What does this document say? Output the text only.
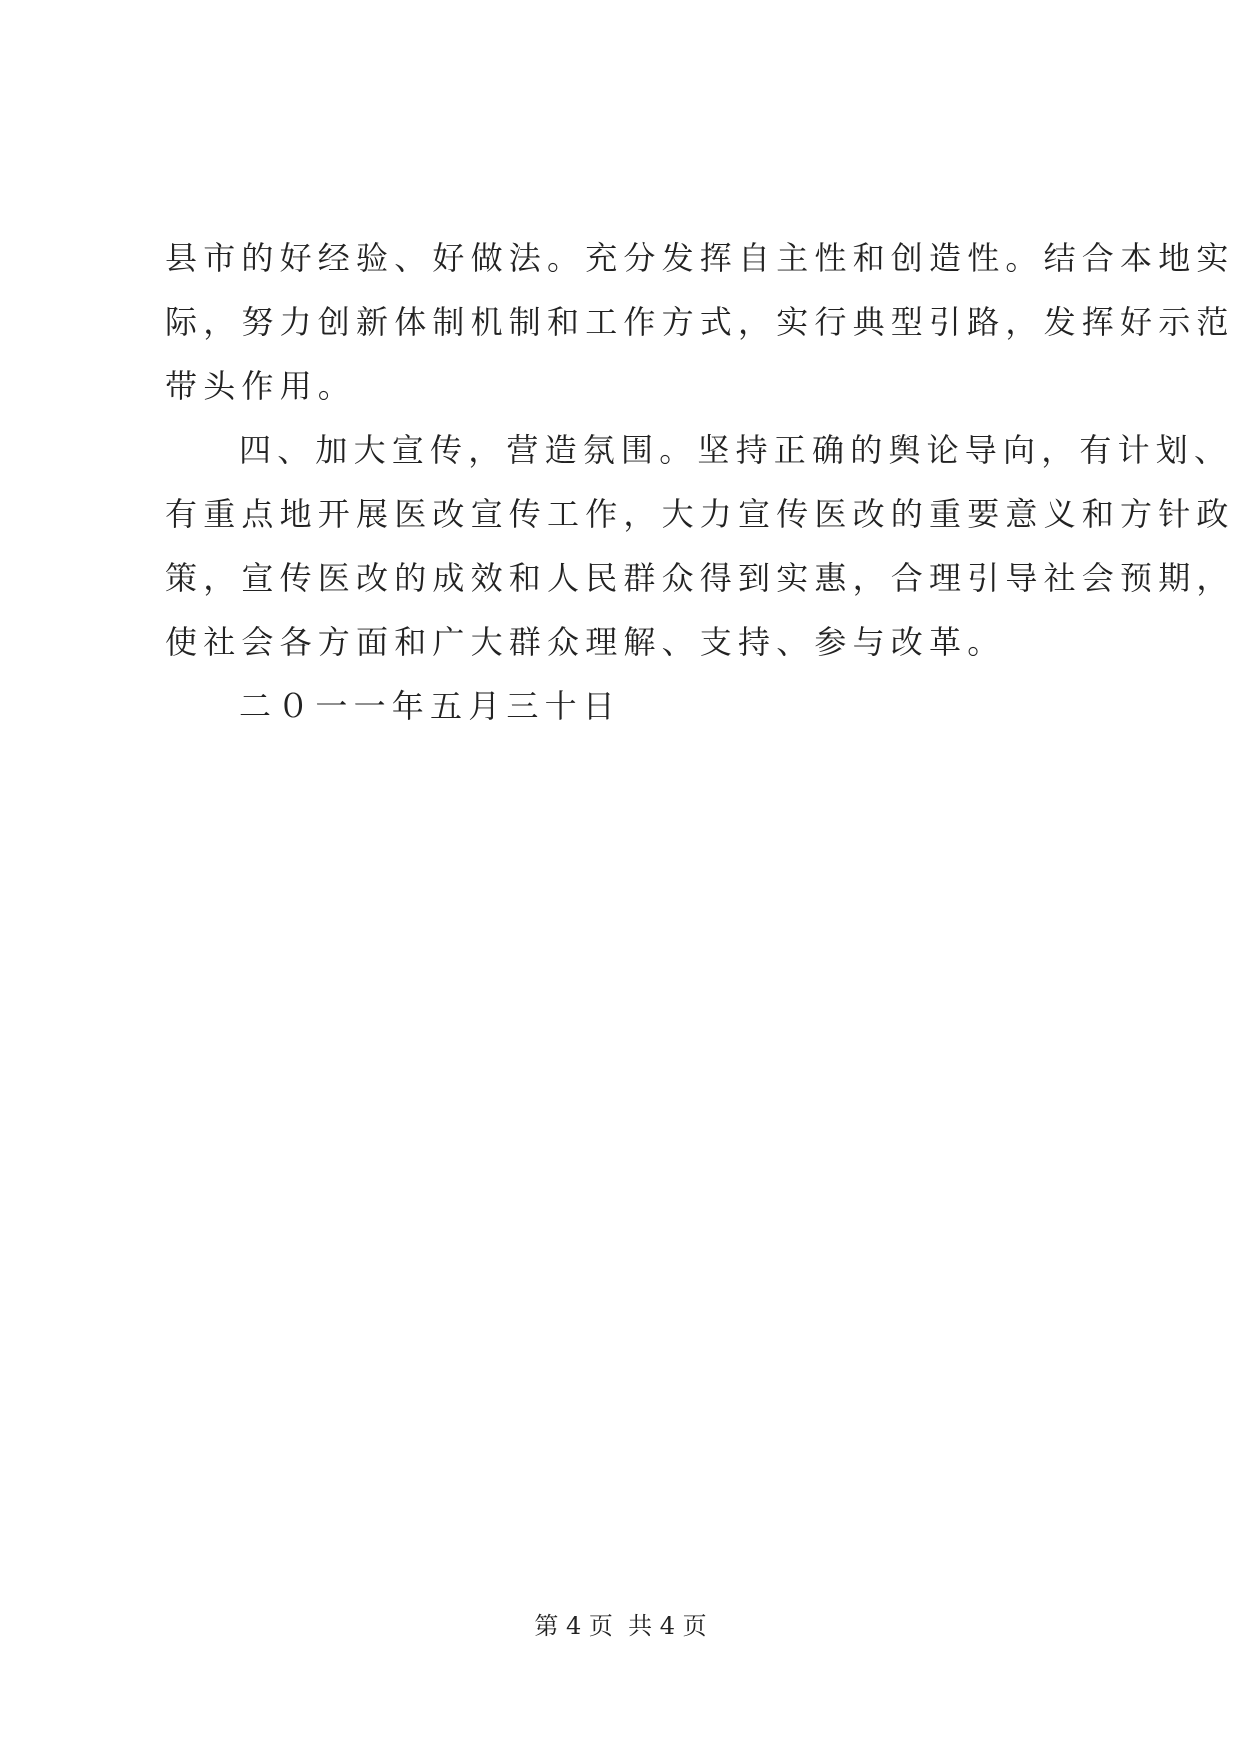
县市的好经验、好做法。充分发挥自主性和创造性。结合本地实
际，努力创新体制机制和工作方式，实行典型引路，发挥好示范
带头作用。
四、加大宣传，营造氛围。坚持正确的舆论导向，有计划、
有重点地开展医改宣传工作，大力宣传医改的重要意义和方针政
策，宣传医改的成效和人民群众得到实惠，合理引导社会预期，
使社会各方面和广大群众理解、支持、参与改革。
二０一一年五月三十日
第 4 页  共 4 页
